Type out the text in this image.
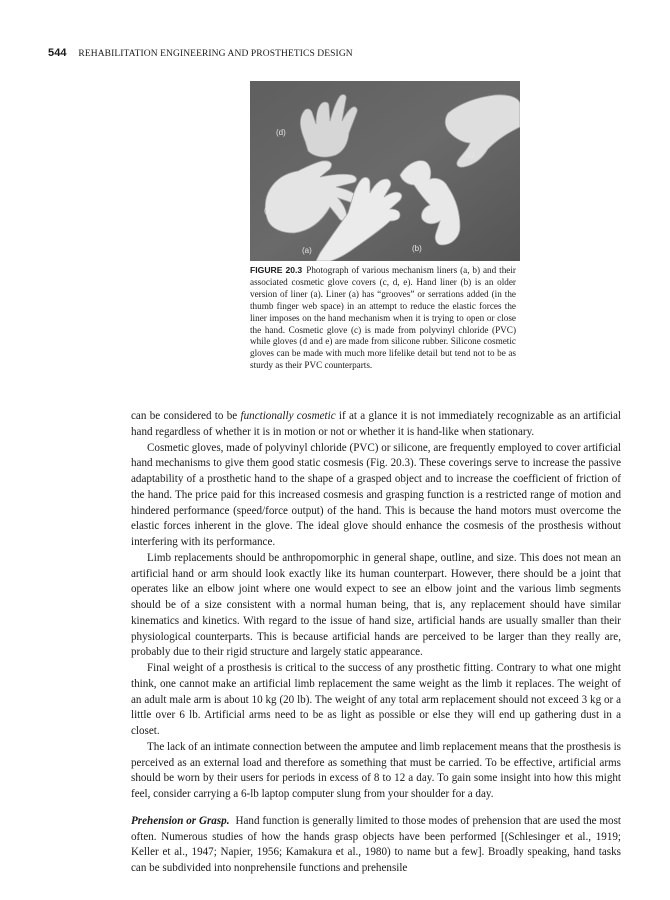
544 REHABILITATION ENGINEERING AND PROSTHETICS DESIGN
(d)
(c)
(e)
(a)	(b)
FIGURE 20.3 Photograph of various mechanism liners (a, b) and their associated cosmetic glove covers (c, d, e). Hand liner (b) is an older version of liner (a). Liner (a) has “grooves” or serrations added (in the thumb finger web space) in an attempt to reduce the elastic forces the liner imposes on the hand mechanism when it is trying to open or close the hand. Cosmetic glove (c) is made from polyvinyl chloride (PVC) while gloves (d and e) are made from silicone rubber. Silicone cosmetic gloves can be made with much more lifelike detail but tend not to be as sturdy as their PVC counterparts.

can be considered to be functionally cosmetic if at a glance it is not immediately recognizable as an artificial hand regardless of whether it is in motion or not or whether it is hand-like when stationary.

Cosmetic gloves, made of polyvinyl chloride (PVC) or silicone, are frequently employed to cover artificial hand mechanisms to give them good static cosmesis (Fig. 20.3). These coverings serve to increase the passive adaptability of a prosthetic hand to the shape of a grasped object and to increase the coefficient of friction of the hand. The price paid for this increased cosmesis and grasping function is a restricted range of motion and hindered performance (speed/force output) of the hand. This is because the hand motors must overcome the elastic forces inherent in the glove. The ideal glove should enhance the cosmesis of the prosthesis without interfering with its performance.

Limb replacements should be anthropomorphic in general shape, outline, and size. This does not mean an artificial hand or arm should look exactly like its human counterpart. However, there should be a joint that operates like an elbow joint where one would expect to see an elbow joint and the various limb segments should be of a size consistent with a normal human being, that is, any replacement should have similar kinematics and kinetics. With regard to the issue of hand size, artificial hands are usually smaller than their physiological counterparts. This is because artificial hands are perceived to be larger than they really are, probably due to their rigid structure and largely static appearance.

Final weight of a prosthesis is critical to the success of any prosthetic fitting. Contrary to what one might think, one cannot make an artificial limb replacement the same weight as the limb it replaces. The weight of an adult male arm is about 10 kg (20 lb). The weight of any total arm replacement should not exceed 3 kg or a little over 6 lb. Artificial arms need to be as light as possible or else they will end up gathering dust in a closet.

The lack of an intimate connection between the amputee and limb replacement means that the prosthesis is perceived as an external load and therefore as something that must be carried. To be effective, artificial arms should be worn by their users for periods in excess of 8 to 12 a day. To gain some insight into how this might feel, consider carrying a 6-lb laptop computer slung from your shoulder for a day.

Prehension or Grasp. Hand function is generally limited to those modes of prehension that are used the most often. Numerous studies of how the hands grasp objects have been performed [(Schlesinger et al., 1919; Keller et al., 1947; Napier, 1956; Kamakura et al., 1980) to name but a few]. Broadly speaking, hand tasks can be subdivided into nonprehensile functions and prehensile
